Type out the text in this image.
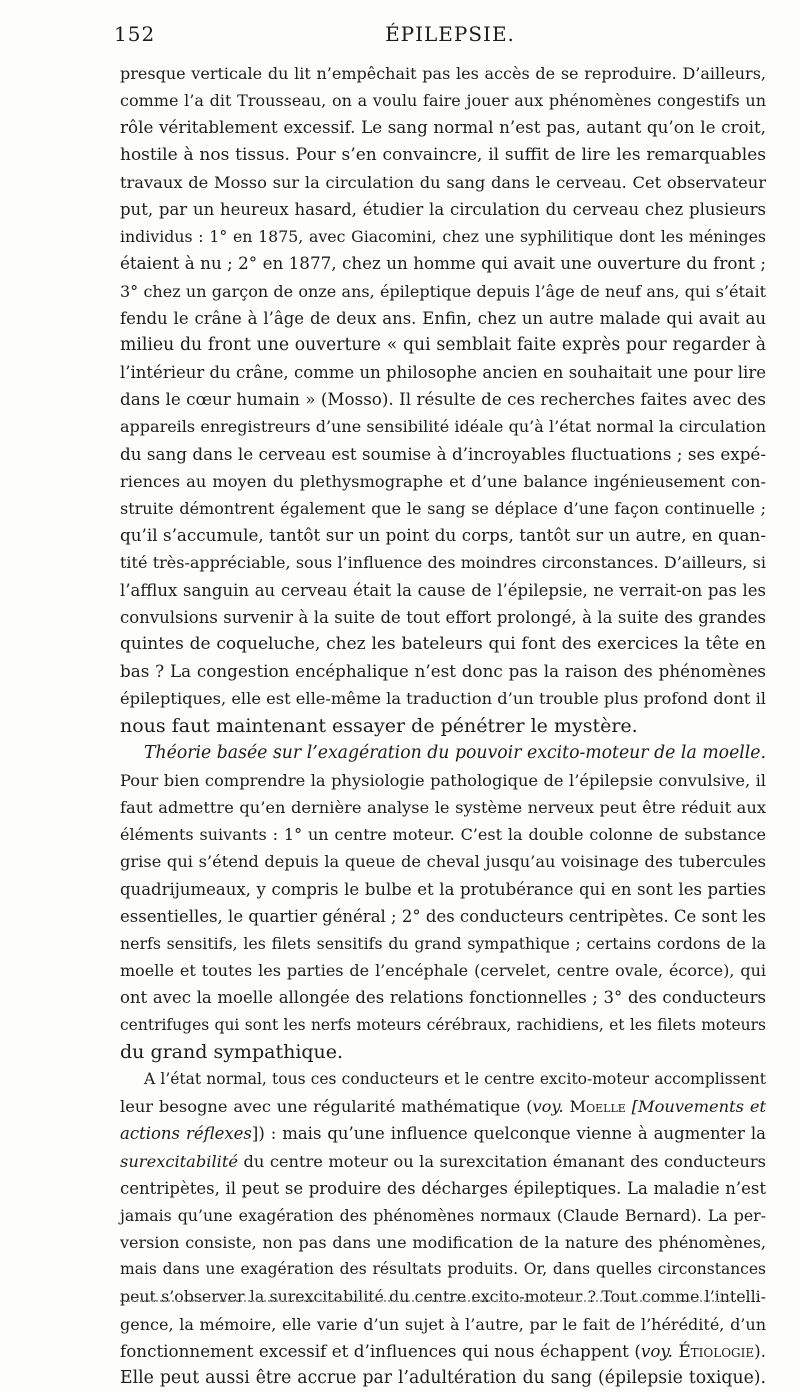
152	ÉPILEPSIE.
presque verticale du lit n’empêchait pas les accès de se reproduire. D’ailleurs,
comme l’a dit Trousseau, on a voulu faire jouer aux phénomènes congestifs un
rôle véritablement excessif. Le sang normal n’est pas, autant qu’on le croit,
hostile à nos tissus. Pour s’en convaincre, il suffit de lire les remarquables
travaux de Mosso sur la circulation du sang dans le cerveau. Cet observateur
put, par un heureux hasard, étudier la circulation du cerveau chez plusieurs
individus : 1° en 1875, avec Giacomini, chez une syphilitique dont les méninges
étaient à nu ; 2° en 1877, chez un homme qui avait une ouverture du front ;
3° chez un garçon de onze ans, épileptique depuis l’âge de neuf ans, qui s’était
fendu le crâne à l’âge de deux ans. Enfin, chez un autre malade qui avait au
milieu du front une ouverture « qui semblait faite exprès pour regarder à
l’intérieur du crâne, comme un philosophe ancien en souhaitait une pour lire
dans le cœur humain » (Mosso). Il résulte de ces recherches faites avec des
appareils enregistreurs d’une sensibilité idéale qu’à l’état normal la circulation
du sang dans le cerveau est soumise à d’incroyables fluctuations ; ses expé-
riences au moyen du plethysmographe et d’une balance ingénieusement con-
struite démontrent également que le sang se déplace d’une façon continuelle ;
qu’il s’accumule, tantôt sur un point du corps, tantôt sur un autre, en quan-
tité très-appréciable, sous l’influence des moindres circonstances. D’ailleurs, si
l’afflux sanguin au cerveau était la cause de l’épilepsie, ne verrait-on pas les
convulsions survenir à la suite de tout effort prolongé, à la suite des grandes
quintes de coqueluche, chez les bateleurs qui font des exercices la tête en
bas ? La congestion encéphalique n’est donc pas la raison des phénomènes
épileptiques, elle est elle-même la traduction d’un trouble plus profond dont il
nous faut maintenant essayer de pénétrer le mystère.
Théorie basée sur l’exagération du pouvoir excito-moteur de la moelle.
Pour bien comprendre la physiologie pathologique de l’épilepsie convulsive, il
faut admettre qu’en dernière analyse le système nerveux peut être réduit aux
éléments suivants : 1° un centre moteur. C’est la double colonne de substance
grise qui s’étend depuis la queue de cheval jusqu’au voisinage des tubercules
quadrijumeaux, y compris le bulbe et la protubérance qui en sont les parties
essentielles, le quartier général ; 2° des conducteurs centripètes. Ce sont les
nerfs sensitifs, les filets sensitifs du grand sympathique ; certains cordons de la
moelle et toutes les parties de l’encéphale (cervelet, centre ovale, écorce), qui
ont avec la moelle allongée des relations fonctionnelles ; 3° des conducteurs
centrifuges qui sont les nerfs moteurs cérébraux, rachidiens, et les filets moteurs
du grand sympathique.
A l’état normal, tous ces conducteurs et le centre excito-moteur accomplissent
leur besogne avec une régularité mathématique (voy. Moelle [Mouvements et
actions réflexes]) : mais qu’une influence quelconque vienne à augmenter la
surexcitabilité du centre moteur ou la surexcitation émanant des conducteurs
centripètes, il peut se produire des décharges épileptiques. La maladie n’est
jamais qu’une exagération des phénomènes normaux (Claude Bernard). La per-
version consiste, non pas dans une modification de la nature des phénomènes,
mais dans une exagération des résultats produits. Or, dans quelles circonstances
peut s’observer la surexcitabilité du centre excito-moteur ? Tout comme l’intelli-
gence, la mémoire, elle varie d’un sujet à l’autre, par le fait de l’hérédité, d’un
fonctionnement excessif et d’influences qui nous échappent (voy. Étiologie).
Elle peut aussi être accrue par l’adultération du sang (épilepsie toxique).
